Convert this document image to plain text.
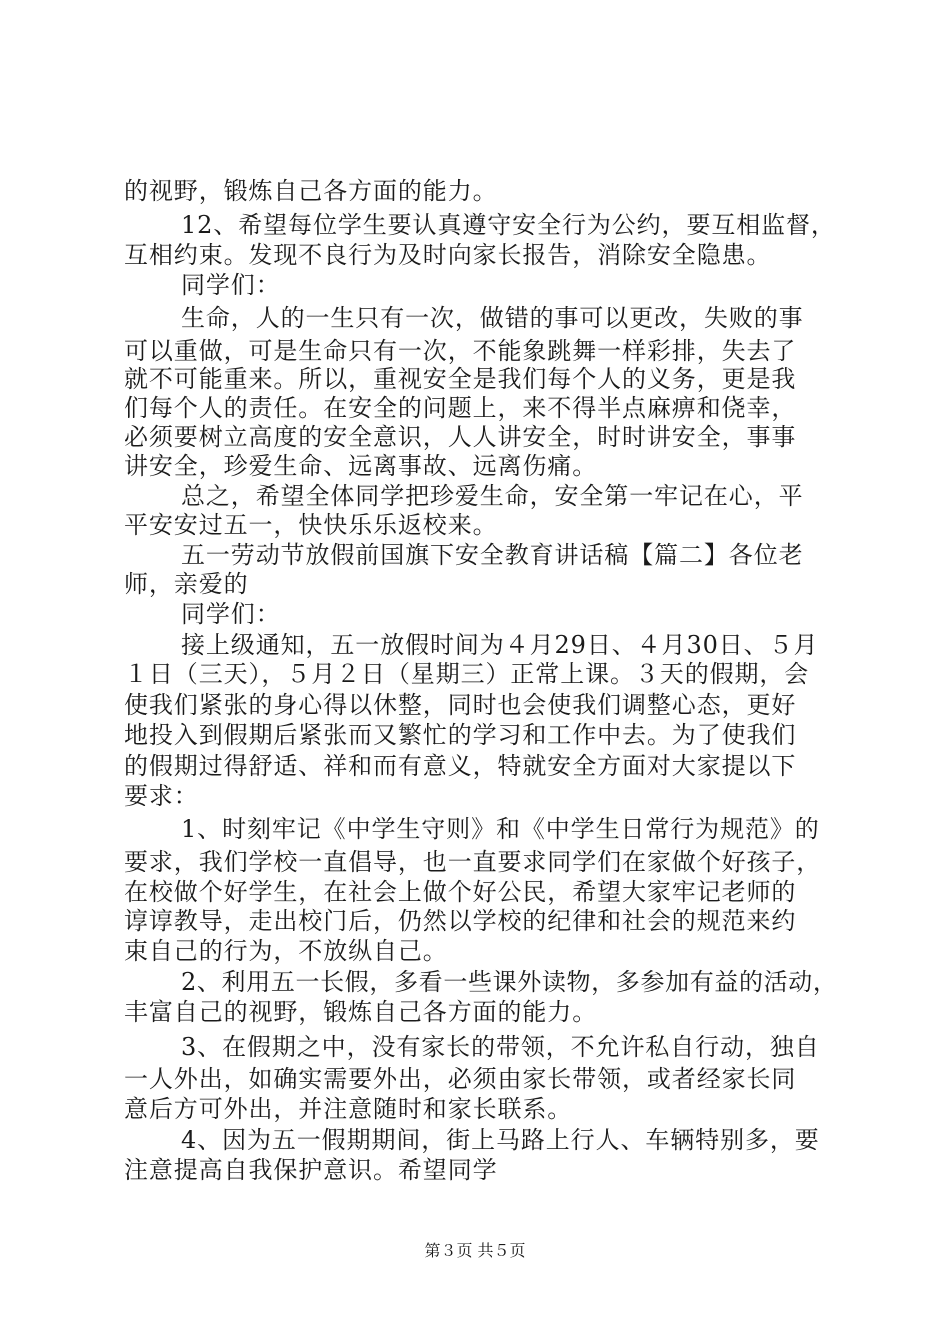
的视野，锻炼自己各方面的能力。
12、希望每位学生要认真遵守安全行为公约，要互相监督，
互相约束。发现不良行为及时向家长报告，消除安全隐患。
同学们：
生命，人的一生只有一次，做错的事可以更改，失败的事
可以重做，可是生命只有一次，不能象跳舞一样彩排，失去了
就不可能重来。所以，重视安全是我们每个人的义务，更是我
们每个人的责任。在安全的问题上，来不得半点麻痹和侥幸，
必须要树立高度的安全意识，人人讲安全，时时讲安全，事事
讲安全，珍爱生命、远离事故、远离伤痛。
总之，希望全体同学把珍爱生命，安全第一牢记在心，平
平安安过五一，快快乐乐返校来。
五一劳动节放假前国旗下安全教育讲话稿【篇二】各位老
师，亲爱的
同学们：
接上级通知，五一放假时间为４月29日、４月30日、５月
１日（三天），５月２日（星期三）正常上课。３天的假期，会
使我们紧张的身心得以休整，同时也会使我们调整心态，更好
地投入到假期后紧张而又繁忙的学习和工作中去。为了使我们
的假期过得舒适、祥和而有意义，特就安全方面对大家提以下
要求：
1、时刻牢记《中学生守则》和《中学生日常行为规范》的
要求，我们学校一直倡导，也一直要求同学们在家做个好孩子，
在校做个好学生，在社会上做个好公民，希望大家牢记老师的
谆谆教导，走出校门后，仍然以学校的纪律和社会的规范来约
束自己的行为，不放纵自己。
2、利用五一长假，多看一些课外读物，多参加有益的活动，
丰富自己的视野，锻炼自己各方面的能力。
3、在假期之中，没有家长的带领，不允许私自行动，独自
一人外出，如确实需要外出，必须由家长带领，或者经家长同
意后方可外出，并注意随时和家长联系。
4、因为五一假期期间，街上马路上行人、车辆特别多，要
注意提高自我保护意识。希望同学
第３页 共５页
